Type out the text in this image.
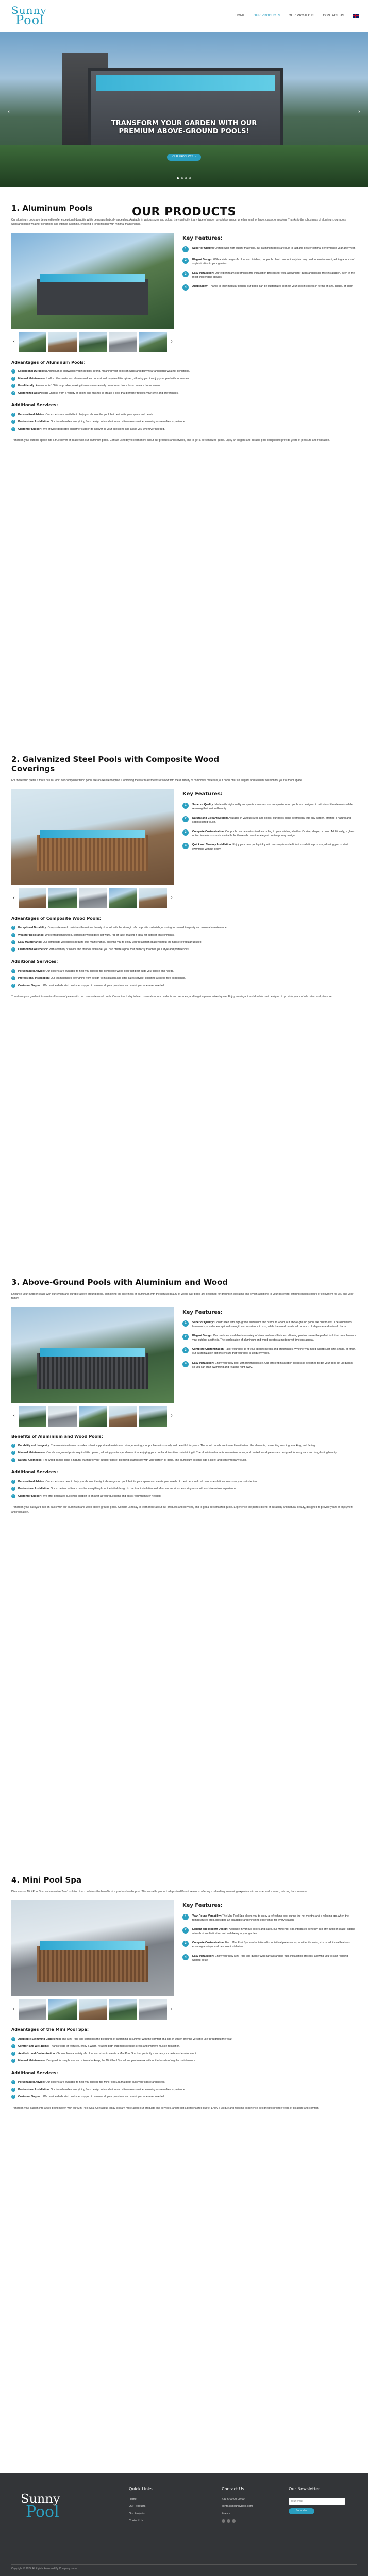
Sunny
Pool	HOME	OUR PRODUCTS	OUR PROJECTS	CONTACT US
‹	›
TRANSFORM YOUR GARDEN WITH OUR PREMIUM ABOVE-GROUND POOLS!
OUR PRODUCTS ›
OUR PRODUCTS
1. Aluminum Pools

Our aluminum pools are designed to offer exceptional durability while being aesthetically appealing. Available in various sizes and colors, they perfectly fit any type of garden or outdoor space, whether small or large, classic or modern. Thanks to the robustness of aluminum, our pools withstand harsh weather conditions and intense sunshine, ensuring a long lifespan with minimal maintenance.

‹	›
Key Features:
1	Superior Quality: Crafted with high-quality materials, our aluminum pools are built to last and deliver optimal performance year after year.
2	Elegant Design: With a wide range of colors and finishes, our pools blend harmoniously into any outdoor environment, adding a touch of sophistication to your garden.
3	Easy Installation: Our expert team streamlines the installation process for you, allowing for quick and hassle-free installation, even in the most challenging spaces.
4	Adaptability: Thanks to their modular design, our pools can be customized to meet your specific needs in terms of size, shape, or color.
Advantages of Aluminum Pools:
✓	Exceptional Durability: Aluminum is lightweight yet incredibly strong, meaning your pool can withstand daily wear and harsh weather conditions.
✓	Minimal Maintenance: Unlike other materials, aluminum does not rust and requires little upkeep, allowing you to enjoy your pool without worries.
✓	Eco-Friendly: Aluminum is 100% recyclable, making it an environmentally conscious choice for eco-aware homeowners.
✓	Customized Aesthetics: Choose from a variety of colors and finishes to create a pool that perfectly reflects your style and preferences.
Additional Services:
✓	Personalized Advice: Our experts are available to help you choose the pool that best suits your space and needs.
✓	Professional Installation: Our team handles everything from design to installation and after-sales service, ensuring a stress-free experience.
✓	Customer Support: We provide dedicated customer support to answer all your questions and assist you whenever needed.

Transform your outdoor space into a true haven of peace with our aluminum pools. Contact us today to learn more about our products and services, and to get a personalized quote. Enjoy an elegant and durable pool designed to provide years of pleasure and relaxation.

2. Galvanized Steel Pools with Composite Wood Coverings

For those who prefer a more natural look, our composite wood pools are an excellent option. Combining the warm aesthetics of wood with the durability of composite materials, our pools offer an elegant and resilient solution for your outdoor space.

‹	›
Key Features:
1	Superior Quality: Made with high-quality composite materials, our composite wood pools are designed to withstand the elements while retaining their natural beauty.
2	Natural and Elegant Design: Available in various sizes and colors, our pools blend seamlessly into any garden, offering a natural and sophisticated touch.
3	Complete Customization: Our pools can be customized according to your wishes, whether it's size, shape, or color. Additionally, a glass option in various sizes is available for those who want an elegant contemporary design.
4	Quick and Turnkey Installation: Enjoy your new pool quickly with our simple and efficient installation process, allowing you to start swimming without delay.
Advantages of Composite Wood Pools:
✓	Exceptional Durability: Composite wood combines the natural beauty of wood with the strength of composite materials, ensuring increased longevity and minimal maintenance.
✓	Weather Resistance: Unlike traditional wood, composite wood does not warp, rot, or fade, making it ideal for outdoor environments.
✓	Easy Maintenance: Our composite wood pools require little maintenance, allowing you to enjoy your relaxation space without the hassle of regular upkeep.
✓	Customized Aesthetics: With a variety of colors and finishes available, you can create a pool that perfectly matches your style and preferences.
Additional Services:
✓	Personalized Advice: Our experts are available to help you choose the composite wood pool that best suits your space and needs.
✓	Professional Installation: Our team handles everything from design to installation and after-sales service, ensuring a stress-free experience.
✓	Customer Support: We provide dedicated customer support to answer all your questions and assist you whenever needed.

Transform your garden into a natural haven of peace with our composite wood pools. Contact us today to learn more about our products and services, and to get a personalized quote. Enjoy an elegant and durable pool designed to provide years of relaxation and pleasure.

3. Above-Ground Pools with Aluminium and Wood

Enhance your outdoor space with our stylish and durable above-ground pools, combining the sleekness of aluminium with the natural beauty of wood. Our pools are designed for ground-in elevating and stylish additions to your backyard, offering endless hours of enjoyment for you and your family.

‹	›
Key Features:
1	Superior Quality: Constructed with high-grade aluminium and premium wood, our above-ground pools are built to last. The aluminium framework provides exceptional strength and resistance to rust, while the wood panels add a touch of elegance and natural charm.
2	Elegant Design: Our pools are available in a variety of sizes and wood finishes, allowing you to choose the perfect look that complements your outdoor aesthetic. The combination of aluminium and wood creates a modern yet timeless appeal.
3	Complete Customization: Tailor your pool to fit your specific needs and preferences. Whether you need a particular size, shape, or finish, our customization options ensure that your pool is uniquely yours.
4	Easy Installation: Enjoy your new pool with minimal hassle. Our efficient installation process is designed to get your pool set up quickly, so you can start swimming and relaxing right away.
Benefits of Aluminium and Wood Pools:
✓	Durability and Longevity: The aluminium frame provides robust support and resists corrosion, ensuring your pool remains sturdy and beautiful for years. The wood panels are treated to withstand the elements, preventing warping, cracking, and fading.
✓	Minimal Maintenance: Our above-ground pools require little upkeep, allowing you to spend more time enjoying your pool and less time maintaining it. The aluminium frame is low-maintenance, and treated wood panels are designed for easy care and long-lasting beauty.
✓	Natural Aesthetics: The wood panels bring a natural warmth to your outdoor space, blending seamlessly with your garden or patio. The aluminium accents add a sleek and contemporary touch.
Additional Services:
✓	Personalized Advice: Our experts are here to help you choose the right above-ground pool that fits your space and meets your needs. Expect personalized recommendations to ensure your satisfaction.
✓	Professional Installation: Our experienced team handles everything from the initial design to the final installation and aftercare services, ensuring a smooth and stress-free experience.
✓	Customer Support: We offer dedicated customer support to answer all your questions and assist you whenever needed.

Transform your backyard into an oasis with our aluminium and wood above-ground pools. Contact us today to learn more about our products and services, and to get a personalized quote. Experience the perfect blend of durability and natural beauty, designed to provide years of enjoyment and relaxation.

4. Mini Pool Spa

Discover our Mini Pool Spa, an innovative 2-in-1 solution that combines the benefits of a pool and a whirlpool. This versatile product adapts to different seasons, offering a refreshing swimming experience in summer and a warm, relaxing bath in winter.

‹	›
Key Features:
1	Year-Round Versatility: The Mini Pool Spa allows you to enjoy a refreshing pool during the hot months and a relaxing spa when the temperatures drop, providing an adaptable and enriching experience for every season.
2	Elegant and Modern Design: Available in various colors and sizes, our Mini Pool Spa integrates perfectly into any outdoor space, adding a touch of sophistication and well-being to your garden.
3	Complete Customization: Each Mini Pool Spa can be tailored to individual preferences, whether it's color, size or additional features, ensuring a unique and bespoke installation.
4	Easy Installation: Enjoy your new Mini Pool Spa quickly with our fast and no-fuss installation process, allowing you to start relaxing without delay.
Advantages of the Mini Pool Spa:
✓	Adaptable Swimming Experience: The Mini Pool Spa combines the pleasures of swimming in summer with the comfort of a spa in winter, offering versatile use throughout the year.
✓	Comfort and Well-Being: Thanks to its jet features, enjoy a warm, relaxing bath that helps reduce stress and improve muscle relaxation.
✓	Aesthetic and Customization: Choose from a variety of colors and sizes to create a Mini Pool Spa that perfectly matches your taste and environment.
✓	Minimal Maintenance: Designed for simple use and minimal upkeep, the Mini Pool Spa allows you to relax without the hassle of regular maintenance.
Additional Services:
✓	Personalized Advice: Our experts are available to help you choose the Mini Pool Spa that best suits your space and needs.
✓	Professional Installation: Our team handles everything from design to installation and after-sales service, ensuring a stress-free experience.
✓	Customer Support: We provide dedicated customer support to answer all your questions and assist you whenever needed.

Transform your garden into a well-being haven with our Mini Pool Spa. Contact us today to learn more about our products and services, and to get a personalized quote. Enjoy a unique and relaxing experience designed to provide years of pleasure and comfort.

Sunny
Pool
Quick Links
Home
Our Products
Our Projects
Contact Us
Contact Us
+33 6 00 00 00 00
contact@sunnypool.com
France
Our Newsletter
Your email
Subscribe
Copyright © 2024 All Rights Reserved By Company name
